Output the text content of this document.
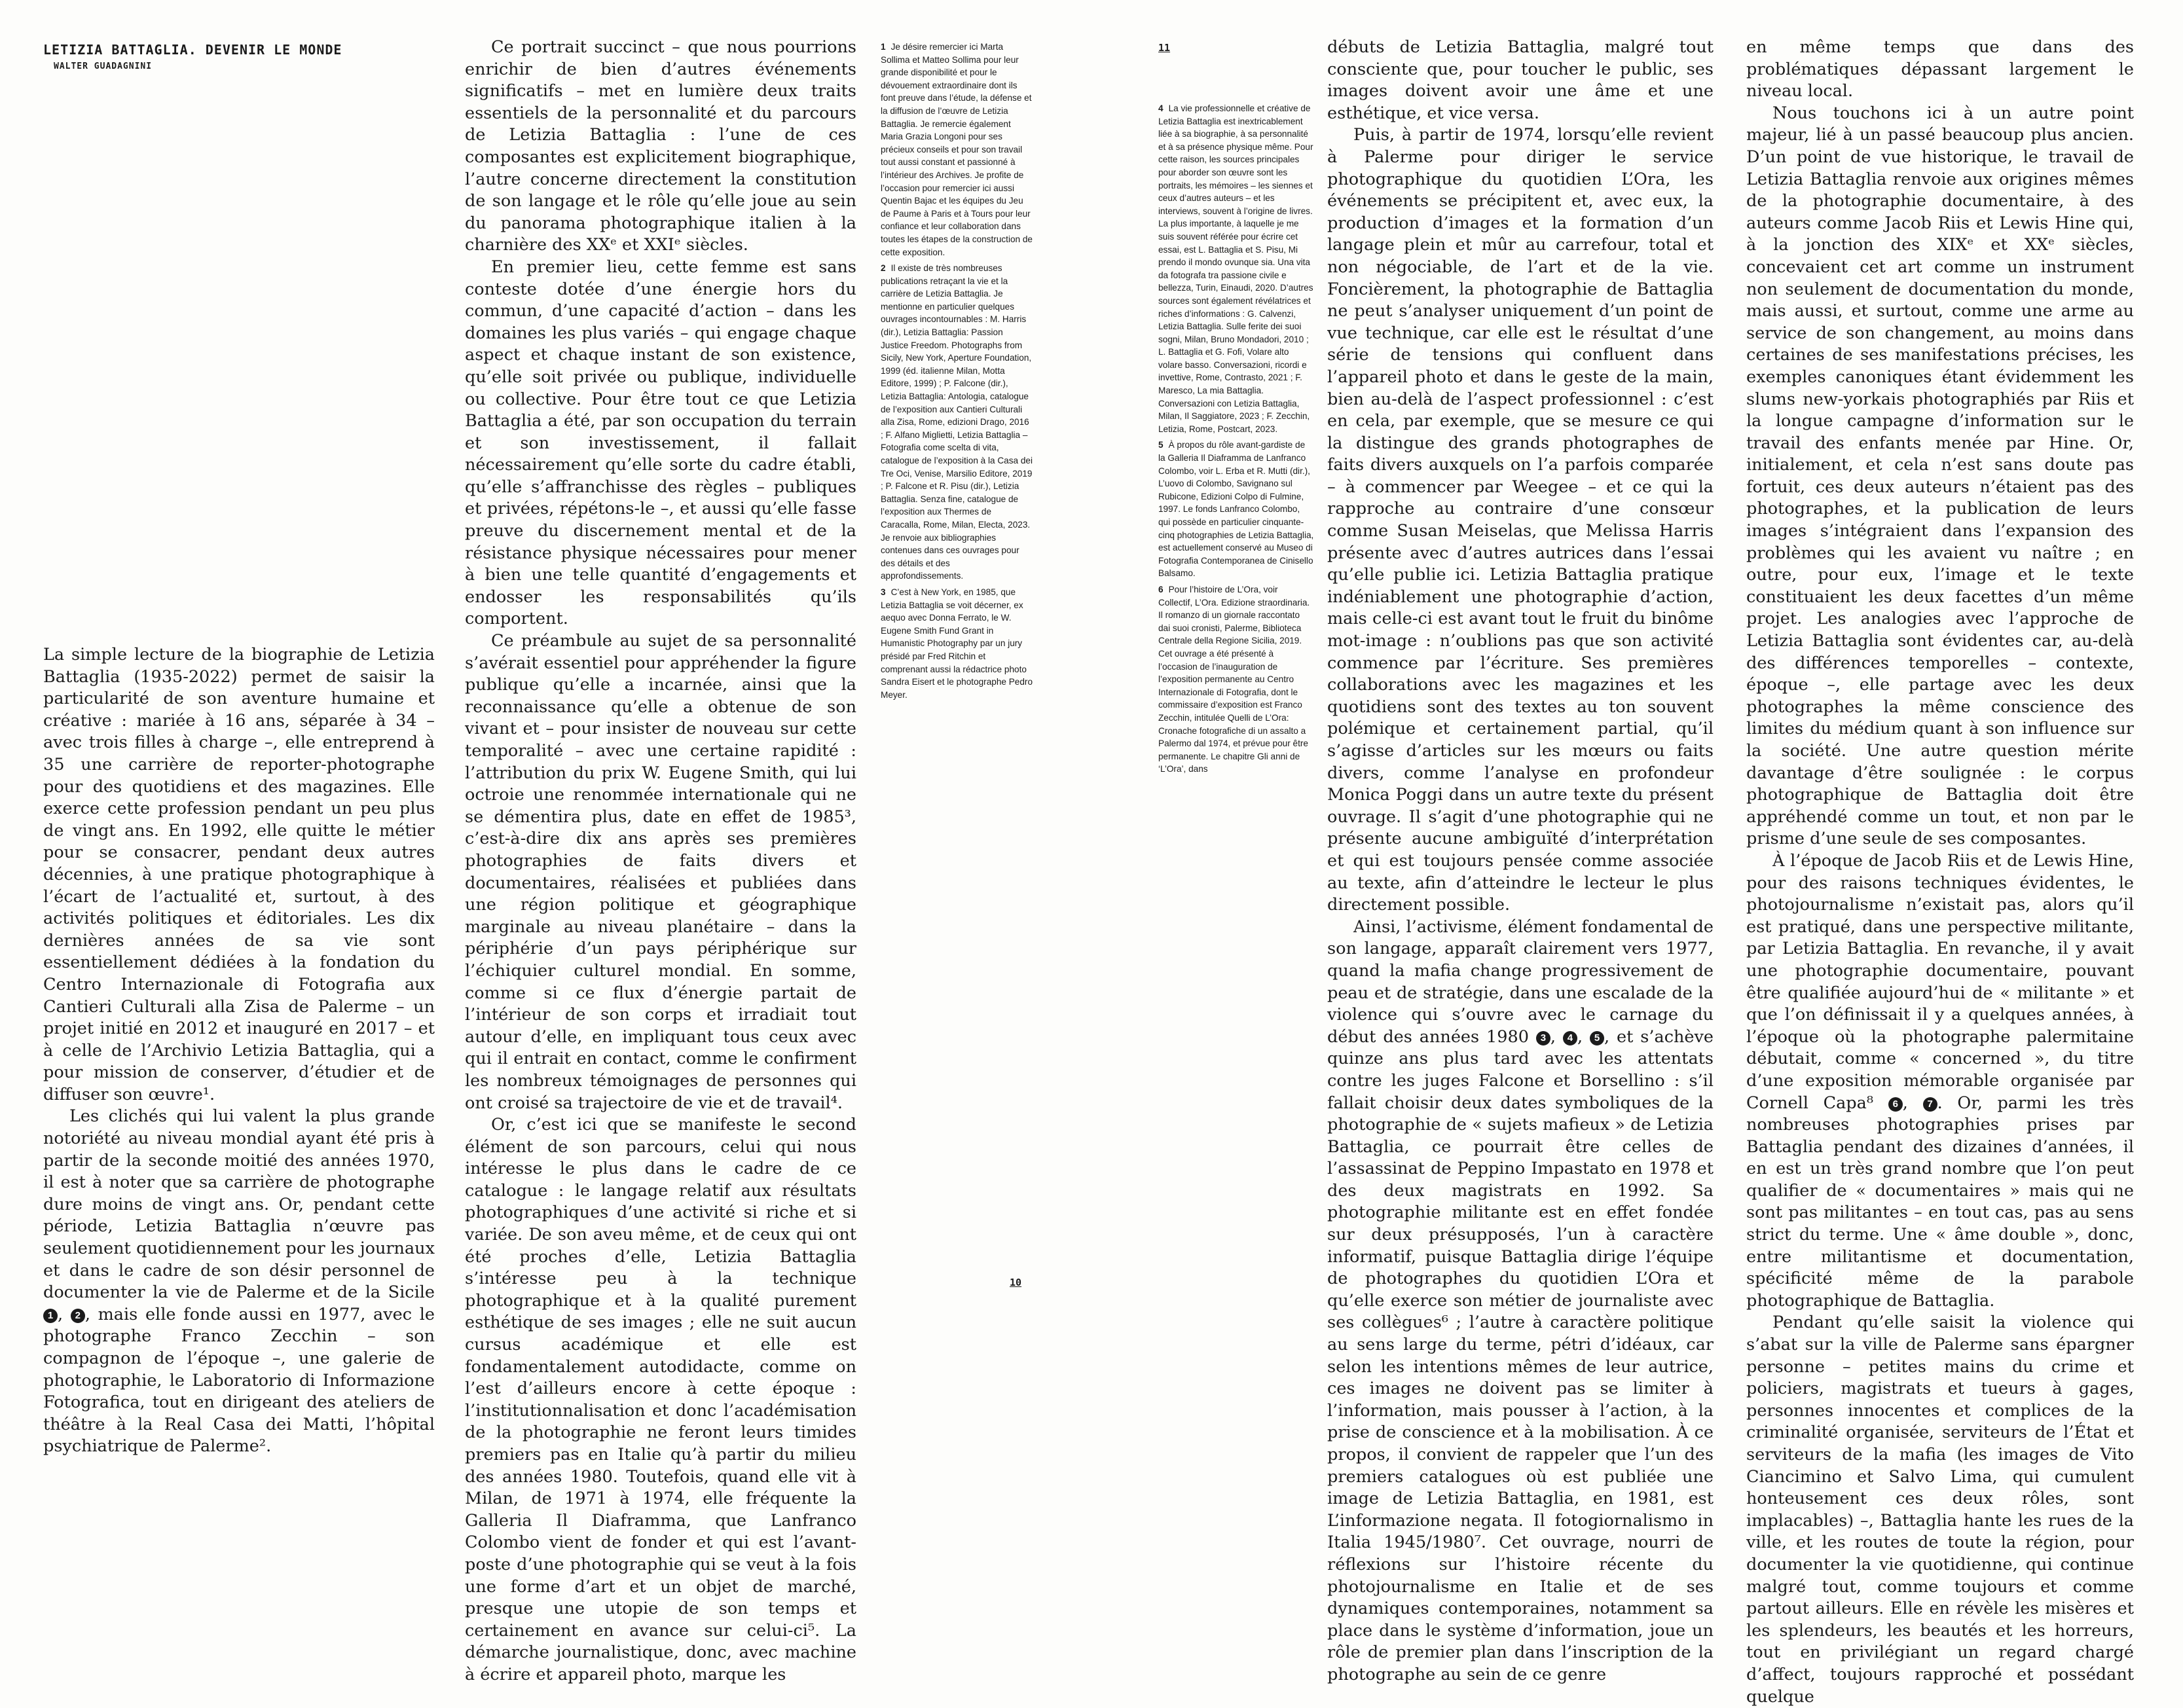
LETIZIA BATTAGLIA. DEVENIR LE MONDE
WALTER GUADAGNINI

La simple lecture de la biographie de Letizia Battaglia (1935-2022) permet de saisir la particularité de son aventure humaine et créative : mariée à 16 ans, séparée à 34 – avec trois filles à charge –, elle entreprend à 35 une carrière de reporter-photographe pour des quotidiens et des magazines. Elle exerce cette profession pendant un peu plus de vingt ans. En 1992, elle quitte le métier pour se consacrer, pendant deux autres décennies, à une pratique photographique à l’écart de l’actualité et, surtout, à des activités politiques et éditoriales. Les dix dernières années de sa vie sont essentiellement dédiées à la fondation du Centro Internazionale di Fotografia aux Cantieri Culturali alla Zisa de Palerme – un projet initié en 2012 et inauguré en 2017 – et à celle de l’Archivio Letizia Battaglia, qui a pour mission de conserver, d’étudier et de diffuser son œuvre¹.

Les clichés qui lui valent la plus grande notoriété au niveau mondial ayant été pris à partir de la seconde moitié des années 1970, il est à noter que sa carrière de photographe dure moins de vingt ans. Or, pendant cette période, Letizia Battaglia n’œuvre pas seulement quotidiennement pour les journaux et dans le cadre de son désir personnel de documenter la vie de Palerme et de la Sicile 1 , 2 , mais elle fonde aussi en 1977, avec le photographe Franco Zecchin – son compagnon de l’époque –, une galerie de photographie, le Laboratorio di Informazione Fotografica, tout en dirigeant des ateliers de théâtre à la Real Casa dei Matti, l’hôpital psychiatrique de Palerme².

Ce portrait succinct – que nous pourrions enrichir de bien d’autres événements significatifs – met en lumière deux traits essentiels de la personnalité et du parcours de Letizia Battaglia : l’une de ces composantes est explicitement biographique, l’autre concerne directement la constitution de son langage et le rôle qu’elle joue au sein du panorama photographique italien à la charnière des XXᵉ et XXIᵉ siècles.

En premier lieu, cette femme est sans conteste dotée d’une énergie hors du commun, d’une capacité d’action – dans les domaines les plus variés – qui engage chaque aspect et chaque instant de son existence, qu’elle soit privée ou publique, individuelle ou collective. Pour être tout ce que Letizia Battaglia a été, par son occupation du terrain et son investissement, il fallait nécessairement qu’elle sorte du cadre établi, qu’elle s’affranchisse des règles – publiques et privées, répétons-le –, et aussi qu’elle fasse preuve du discernement mental et de la résistance physique nécessaires pour mener à bien une telle quantité d’engagements et endosser les responsabilités qu’ils comportent.

Ce préambule au sujet de sa personnalité s’avérait essentiel pour appréhender la figure publique qu’elle a incarnée, ainsi que la reconnaissance qu’elle a obtenue de son vivant et – pour insister de nouveau sur cette temporalité – avec une certaine rapidité : l’attribution du prix W. Eugene Smith, qui lui octroie une renommée internationale qui ne se démentira plus, date en effet de 1985³, c’est-à-dire dix ans après ses premières photographies de faits divers et documentaires, réalisées et publiées dans une région politique et géographique marginale au niveau planétaire – dans la périphérie d’un pays périphérique sur l’échiquier culturel mondial. En somme, comme si ce flux d’énergie partait de l’intérieur de son corps et irradiait tout autour d’elle, en impliquant tous ceux avec qui il entrait en contact, comme le confirment les nombreux témoignages de personnes qui ont croisé sa trajectoire de vie et de travail⁴.

Or, c’est ici que se manifeste le second élément de son parcours, celui qui nous intéresse le plus dans le cadre de ce catalogue : le langage relatif aux résultats photographiques d’une activité si riche et si variée. De son aveu même, et de ceux qui ont été proches d’elle, Letizia Battaglia s’intéresse peu à la technique photographique et à la qualité purement esthétique de ses images ; elle ne suit aucun cursus académique et elle est fondamentalement autodidacte, comme on l’est d’ailleurs encore à cette époque : l’institutionnalisation et donc l’académisation de la photographie ne feront leurs timides premiers pas en Italie qu’à partir du milieu des années 1980. Toutefois, quand elle vit à Milan, de 1971 à 1974, elle fréquente la Galleria Il Diaframma, que Lanfranco Colombo vient de fonder et qui est l’avant-poste d’une photographie qui se veut à la fois une forme d’art et un objet de marché, presque une utopie de son temps et certainement en avance sur celui-ci⁵. La démarche journalistique, donc, avec machine à écrire et appareil photo, marque les

1 Je désire remercier ici Marta Sollima et Matteo Sollima pour leur grande disponibilité et pour le dévouement extraordinaire dont ils font preuve dans l’étude, la défense et la diffusion de l’œuvre de Letizia Battaglia. Je remercie également Maria Grazia Longoni pour ses précieux conseils et pour son travail tout aussi constant et passionné à l’intérieur des Archives. Je profite de l’occasion pour remercier ici aussi Quentin Bajac et les équipes du Jeu de Paume à Paris et à Tours pour leur confiance et leur collaboration dans toutes les étapes de la construction de cette exposition.
2 Il existe de très nombreuses publications retraçant la vie et la carrière de Letizia Battaglia. Je mentionne en particulier quelques ouvrages incontournables : M. Harris (dir.), Letizia Battaglia: Passion Justice Freedom. Photographs from Sicily, New York, Aperture Foundation, 1999 (éd. italienne Milan, Motta Editore, 1999) ; P. Falcone (dir.), Letizia Battaglia: Antologia, catalogue de l’exposition aux Cantieri Culturali alla Zisa, Rome, edizioni Drago, 2016 ; F. Alfano Miglietti, Letizia Battaglia – Fotografia come scelta di vita, catalogue de l’exposition à la Casa dei Tre Oci, Venise, Marsilio Editore, 2019 ; P. Falcone et R. Pisu (dir.), Letizia Battaglia. Senza fine, catalogue de l’exposition aux Thermes de Caracalla, Rome, Milan, Electa, 2023. Je renvoie aux bibliographies contenues dans ces ouvrages pour des détails et des approfondissements.
3 C’est à New York, en 1985, que Letizia Battaglia se voit décerner, ex aequo avec Donna Ferrato, le W. Eugene Smith Fund Grant in Humanistic Photography par un jury présidé par Fred Ritchin et comprenant aussi la rédactrice photo Sandra Eisert et le photographe Pedro Meyer.
10
11
4 La vie professionnelle et créative de Letizia Battaglia est inextricablement liée à sa biographie, à sa personnalité et à sa présence physique même. Pour cette raison, les sources principales pour aborder son œuvre sont les portraits, les mémoires – les siennes et ceux d’autres auteurs – et les interviews, souvent à l’origine de livres. La plus importante, à laquelle je me suis souvent référée pour écrire cet essai, est L. Battaglia et S. Pisu, Mi prendo il mondo ovunque sia. Una vita da fotografa tra passione civile e bellezza, Turin, Einaudi, 2020. D’autres sources sont également révélatrices et riches d’informations : G. Calvenzi, Letizia Battaglia. Sulle ferite dei suoi sogni, Milan, Bruno Mondadori, 2010 ; L. Battaglia et G. Fofi, Volare alto volare basso. Conversazioni, ricordi e invettive, Rome, Contrasto, 2021 ; F. Maresco, La mia Battaglia. Conversazioni con Letizia Battaglia, Milan, Il Saggiatore, 2023 ; F. Zecchin, Letizia, Rome, Postcart, 2023.
5 À propos du rôle avant-gardiste de la Galleria Il Diaframma de Lanfranco Colombo, voir L. Erba et R. Mutti (dir.), L’uovo di Colombo, Savignano sul Rubicone, Edizioni Colpo di Fulmine, 1997. Le fonds Lanfranco Colombo, qui possède en particulier cinquante-cinq photographies de Letizia Battaglia, est actuellement conservé au Museo di Fotografia Contemporanea de Cinisello Balsamo.
6 Pour l’histoire de L’Ora, voir Collectif, L’Ora. Edizione straordinaria. Il romanzo di un giornale raccontato dai suoi cronisti, Palerme, Biblioteca Centrale della Regione Sicilia, 2019. Cet ouvrage a été présenté à l’occasion de l’inauguration de l’exposition permanente au Centro Internazionale di Fotografia, dont le commissaire d’exposition est Franco Zecchin, intitulée Quelli de L’Ora: Cronache fotografiche di un assalto a Palermo dal 1974, et prévue pour être permanente. Le chapitre Gli anni de ‘L’Ora’, dans

débuts de Letizia Battaglia, malgré tout consciente que, pour toucher le public, ses images doivent avoir une âme et une esthétique, et vice versa.

Puis, à partir de 1974, lorsqu’elle revient à Palerme pour diriger le service photographique du quotidien L’Ora, les événements se précipitent et, avec eux, la production d’images et la formation d’un langage plein et mûr au carrefour, total et non négociable, de l’art et de la vie. Foncièrement, la photographie de Battaglia ne peut s’analyser uniquement d’un point de vue technique, car elle est le résultat d’une série de tensions qui confluent dans l’appareil photo et dans le geste de la main, bien au-delà de l’aspect professionnel : c’est en cela, par exemple, que se mesure ce qui la distingue des grands photographes de faits divers auxquels on l’a parfois comparée – à commencer par Weegee – et ce qui la rapproche au contraire d’une consœur comme Susan Meiselas, que Melissa Harris présente avec d’autres autrices dans l’essai qu’elle publie ici. Letizia Battaglia pratique indéniablement une photographie d’action, mais celle-ci est avant tout le fruit du binôme mot-image : n’oublions pas que son activité commence par l’écriture. Ses premières collaborations avec les magazines et les quotidiens sont des textes au ton souvent polémique et certainement partial, qu’il s’agisse d’articles sur les mœurs ou faits divers, comme l’analyse en profondeur Monica Poggi dans un autre texte du présent ouvrage. Il s’agit d’une photographie qui ne présente aucune ambiguïté d’interprétation et qui est toujours pensée comme associée au texte, afin d’atteindre le lecteur le plus directement possible.

Ainsi, l’activisme, élément fondamental de son langage, apparaît clairement vers 1977, quand la mafia change progressivement de peau et de stratégie, dans une escalade de la violence qui s’ouvre avec le carnage du début des années 1980 3 , 4 , 5 , et s’achève quinze ans plus tard avec les attentats contre les juges Falcone et Borsellino : s’il fallait choisir deux dates symboliques de la photographie de « sujets mafieux » de Letizia Battaglia, ce pourrait être celles de l’assassinat de Peppino Impastato en 1978 et des deux magistrats en 1992. Sa photographie militante est en effet fondée sur deux présupposés, l’un à caractère informatif, puisque Battaglia dirige l’équipe de photographes du quotidien L’Ora et qu’elle exerce son métier de journaliste avec ses collègues⁶ ; l’autre à caractère politique au sens large du terme, pétri d’idéaux, car selon les intentions mêmes de leur autrice, ces images ne doivent pas se limiter à l’information, mais pousser à l’action, à la prise de conscience et à la mobilisation. À ce propos, il convient de rappeler que l’un des premiers catalogues où est publiée une image de Letizia Battaglia, en 1981, est L’informazione negata. Il fotogiornalismo in Italia 1945/1980⁷. Cet ouvrage, nourri de réflexions sur l’histoire récente du photojournalisme en Italie et de ses dynamiques contemporaines, notamment sa place dans le système d’information, joue un rôle de premier plan dans l’inscription de la photographe au sein de ce genre

en même temps que dans des problématiques dépassant largement le niveau local.

Nous touchons ici à un autre point majeur, lié à un passé beaucoup plus ancien. D’un point de vue historique, le travail de Letizia Battaglia renvoie aux origines mêmes de la photographie documentaire, à des auteurs comme Jacob Riis et Lewis Hine qui, à la jonction des XIXᵉ et XXᵉ siècles, concevaient cet art comme un instrument non seulement de documentation du monde, mais aussi, et surtout, comme une arme au service de son changement, au moins dans certaines de ses manifestations précises, les exemples canoniques étant évidemment les slums new-yorkais photographiés par Riis et la longue campagne d’information sur le travail des enfants menée par Hine. Or, initialement, et cela n’est sans doute pas fortuit, ces deux auteurs n’étaient pas des photographes, et la publication de leurs images s’intégraient dans l’expansion des problèmes qui les avaient vu naître ; en outre, pour eux, l’image et le texte constituaient les deux facettes d’un même projet. Les analogies avec l’approche de Letizia Battaglia sont évidentes car, au-delà des différences temporelles – contexte, époque –, elle partage avec les deux photographes la même conscience des limites du médium quant à son influence sur la société. Une autre question mérite davantage d’être soulignée : le corpus photographique de Battaglia doit être appréhendé comme un tout, et non par le prisme d’une seule de ses composantes.

À l’époque de Jacob Riis et de Lewis Hine, pour des raisons techniques évidentes, le photojournalisme n’existait pas, alors qu’il est pratiqué, dans une perspective militante, par Letizia Battaglia. En revanche, il y avait une photographie documentaire, pouvant être qualifiée aujourd’hui de « militante » et que l’on définissait il y a quelques années, à l’époque où la photographe palermitaine débutait, comme « concerned », du titre d’une exposition mémorable organisée par Cornell Capa⁸ 6 , 7 . Or, parmi les très nombreuses photographies prises par Battaglia pendant des dizaines d’années, il en est un très grand nombre que l’on peut qualifier de « documentaires » mais qui ne sont pas militantes – en tout cas, pas au sens strict du terme. Une « âme double », donc, entre militantisme et documentation, spécificité même de la parabole photographique de Battaglia.

Pendant qu’elle saisit la violence qui s’abat sur la ville de Palerme sans épargner personne – petites mains du crime et policiers, magistrats et tueurs à gages, personnes innocentes et complices de la criminalité organisée, serviteurs de l’État et serviteurs de la mafia (les images de Vito Ciancimino et Salvo Lima, qui cumulent honteusement ces deux rôles, sont implacables) –, Battaglia hante les rues de la ville, et les routes de toute la région, pour documenter la vie quotidienne, qui continue malgré tout, comme toujours et comme partout ailleurs. Elle en révèle les misères et les splendeurs, les beautés et les horreurs, tout en privilégiant un regard chargé d’affect, toujours rapproché et possédant quelque
